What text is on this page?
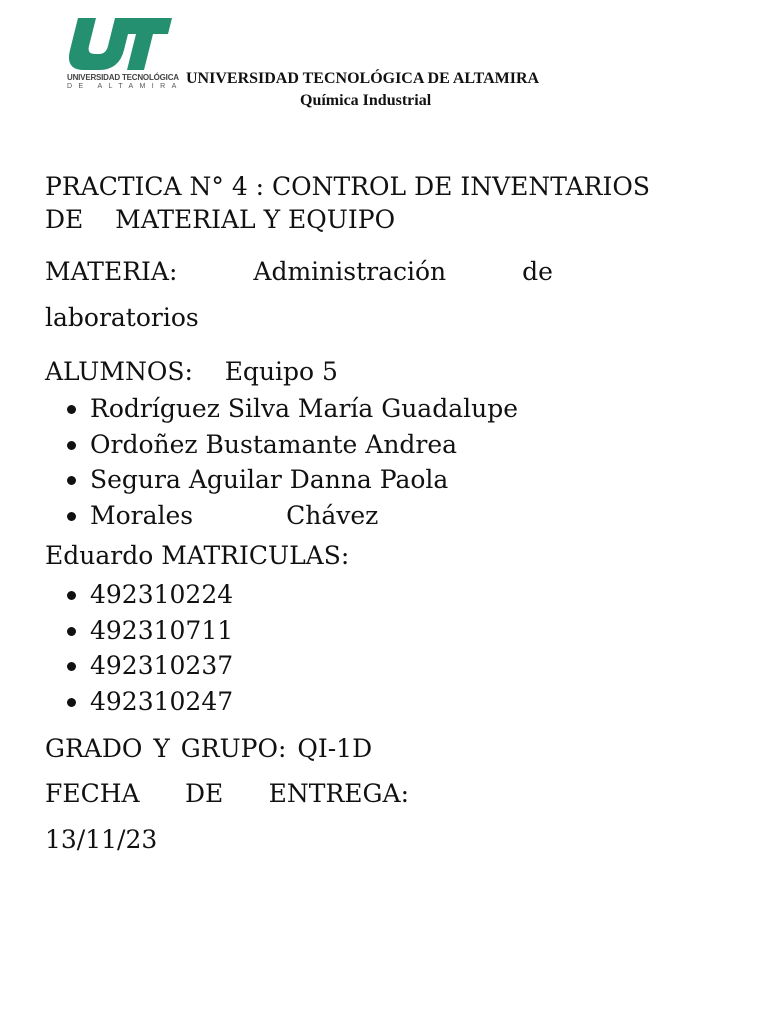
UNIVERSIDAD TECNOLÓGICA
DE ALTAMIRA UNIVERSIDAD TECNOLÓGICA DE ALTAMIRA
Química Industrial

PRACTICA N° 4 : CONTROL DE INVENTARIOS
DE MATERIAL Y EQUIPO

MATERIA:	Administración	de
laboratorios
ALUMNOS: Equipo 5
Rodríguez Silva María Guadalupe
Ordoñez Bustamante Andrea
Segura Aguilar Danna Paola
Morales	Chávez
Eduardo MATRICULAS:
492310224
492310711
492310237
492310247
GRADO Y GRUPO: QI-1D
FECHA DE ENTREGA:
13/11/23
